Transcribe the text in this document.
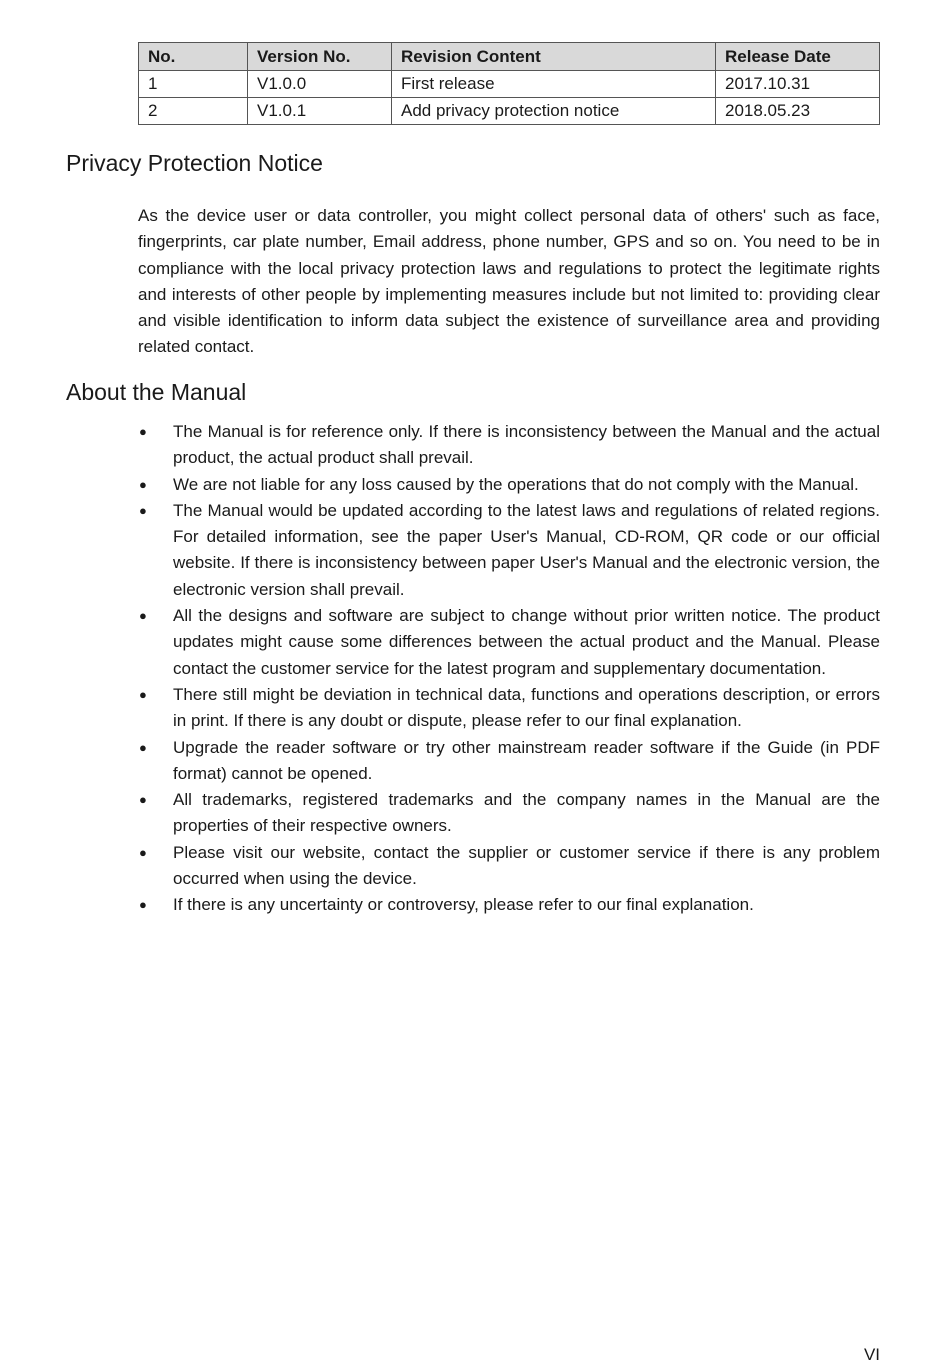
No.	Version No.	Revision Content	Release Date
1	V1.0.0	First release	2017.10.31
2	V1.0.1	Add privacy protection notice	2018.05.23
Privacy Protection Notice

As the device user or data controller, you might collect personal data of others' such as face, fingerprints, car plate number, Email address, phone number, GPS and so on. You need to be in compliance with the local privacy protection laws and regulations to protect the legitimate rights and interests of other people by implementing measures include but not limited to: providing clear and visible identification to inform data subject the existence of surveillance area and providing related contact.

About the Manual
● The Manual is for reference only. If there is inconsistency between the Manual and the actual product, the actual product shall prevail.
● We are not liable for any loss caused by the operations that do not comply with the Manual.
● The Manual would be updated according to the latest laws and regulations of related regions. For detailed information, see the paper User's Manual, CD-ROM, QR code or our official website. If there is inconsistency between paper User's Manual and the electronic version, the electronic version shall prevail.
● All the designs and software are subject to change without prior written notice. The product updates might cause some differences between the actual product and the Manual. Please contact the customer service for the latest program and supplementary documentation.
● There still might be deviation in technical data, functions and operations description, or errors in print. If there is any doubt or dispute, please refer to our final explanation.
● Upgrade the reader software or try other mainstream reader software if the Guide (in PDF format) cannot be opened.
● All trademarks, registered trademarks and the company names in the Manual are the properties of their respective owners.
● Please visit our website, contact the supplier or customer service if there is any problem occurred when using the device.
● If there is any uncertainty or controversy, please refer to our final explanation.
VI
